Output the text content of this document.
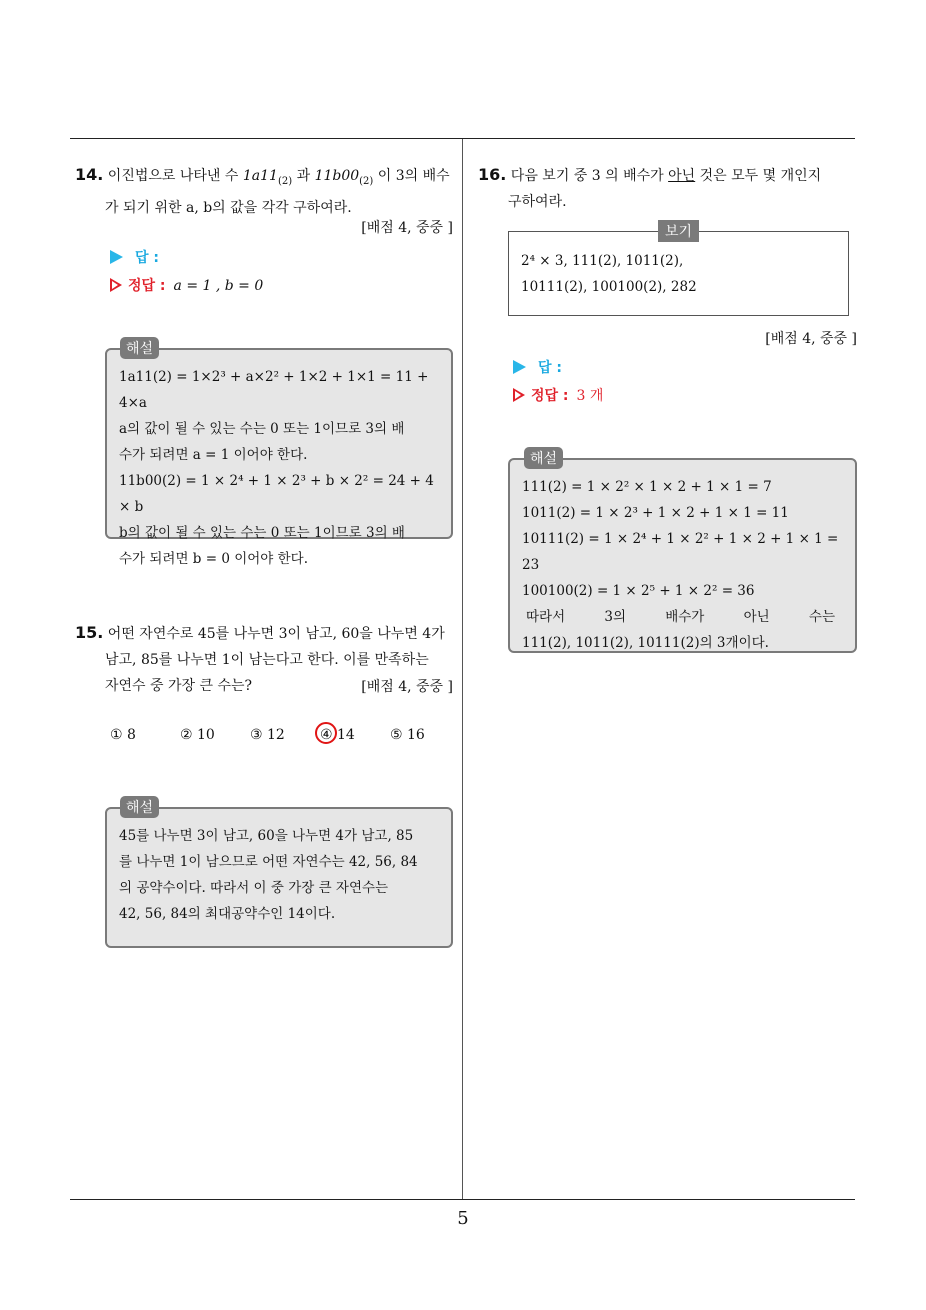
5
14. 이진법으로 나타낸 수 $1a11_{(2)}$ 과 $11b00_{(2)}$ 이 3의 배수
가 되기 위한 a, b의 값을 각각 구하여라.
[배점 4, 중중 ]
답 :
정답 : a = 1 , b = 0
1a11(2) = 1×2³ + a×2² + 1×2 + 1×1 = 11 + 4×a
a의 값이 될 수 있는 수는 0 또는 1이므로 3의 배
수가 되려면 a = 1 이어야 한다.
11b00(2) = 1 × 2⁴ + 1 × 2³ + b × 2² = 24 + 4 × b
b의 값이 될 수 있는 수는 0 또는 1이므로 3의 배
수가 되려면 b = 0 이어야 한다.
해설
15. 어떤 자연수로 45를 나누면 3이 남고, 60을 나누면 4가
남고, 85를 나누면 1이 남는다고 한다. 이를 만족하는
자연수 중 가장 큰 수는?	[배점 4, 중중 ]
① 8	② 10	③ 12	④ 14	⑤ 16
45를 나누면 3이 남고, 60을 나누면 4가 남고, 85
를 나누면 1이 남으므로 어떤 자연수는 42, 56, 84
의 공약수이다. 따라서 이 중 가장 큰 자연수는
42, 56, 84의 최대공약수인 14이다.
해설
16. 다음 보기 중 3 의 배수가 아닌 것은 모두 몇 개인지
구하여라.
2⁴ × 3, 111(2), 1011(2),
10111(2), 100100(2), 282
보기
[배점 4, 중중 ]
답 :
정답 : 3 개
111(2) = 1 × 2² × 1 × 2 + 1 × 1 = 7
1011(2) = 1 × 2³ + 1 × 2 + 1 × 1 = 11
10111(2) = 1 × 2⁴ + 1 × 2² + 1 × 2 + 1 × 1 = 23
100100(2) = 1 × 2⁵ + 1 × 2² = 36
따라서 3의 배수가 아닌 수는
111(2), 1011(2), 10111(2)의 3개이다.
해설
